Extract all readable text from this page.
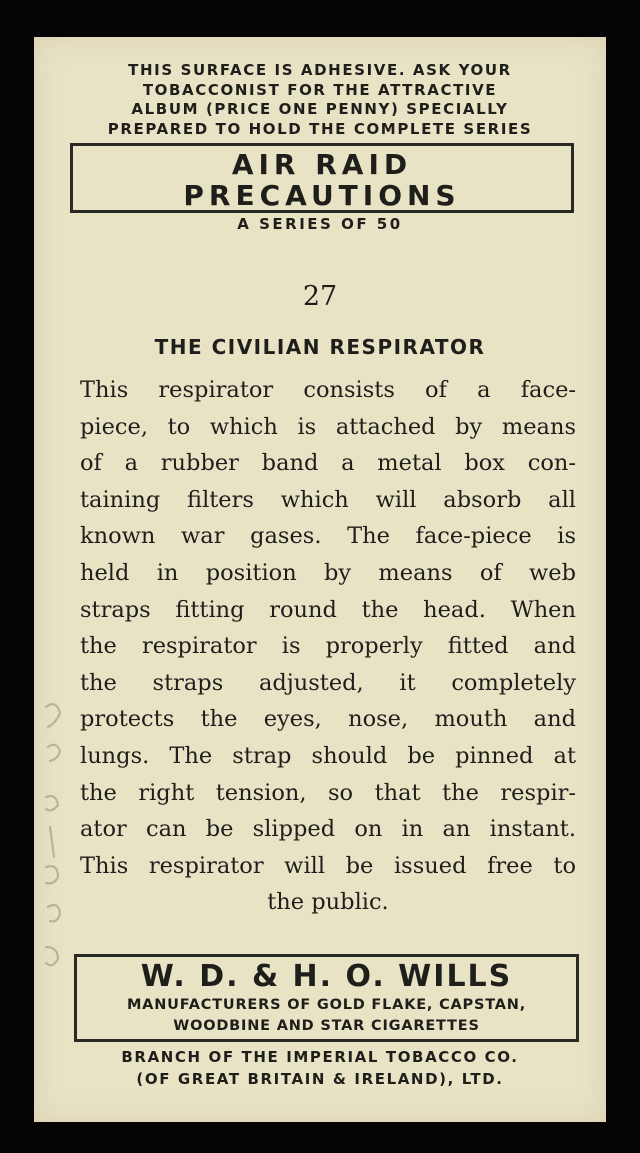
THIS SURFACE IS ADHESIVE. ASK YOUR
TOBACCONIST FOR THE ATTRACTIVE
ALBUM (PRICE ONE PENNY) SPECIALLY
PREPARED TO HOLD THE COMPLETE SERIES
AIR RAID
PRECAUTIONS
A SERIES OF 50
27
THE CIVILIAN RESPIRATOR
This respirator consists of a face-
piece, to which is attached by means
of a rubber band a metal box con-
taining filters which will absorb all
known war gases. The face-piece is
held in position by means of web
straps fitting round the head. When
the respirator is properly fitted and
the straps adjusted, it completely
protects the eyes, nose, mouth and
lungs. The strap should be pinned at
the right tension, so that the respir-
ator can be slipped on in an instant.
This respirator will be issued free to
the public.
W. D. & H. O. WILLS
MANUFACTURERS OF GOLD FLAKE, CAPSTAN,
WOODBINE AND STAR CIGARETTES
BRANCH OF THE IMPERIAL TOBACCO CO.
(OF GREAT BRITAIN & IRELAND), LTD.
